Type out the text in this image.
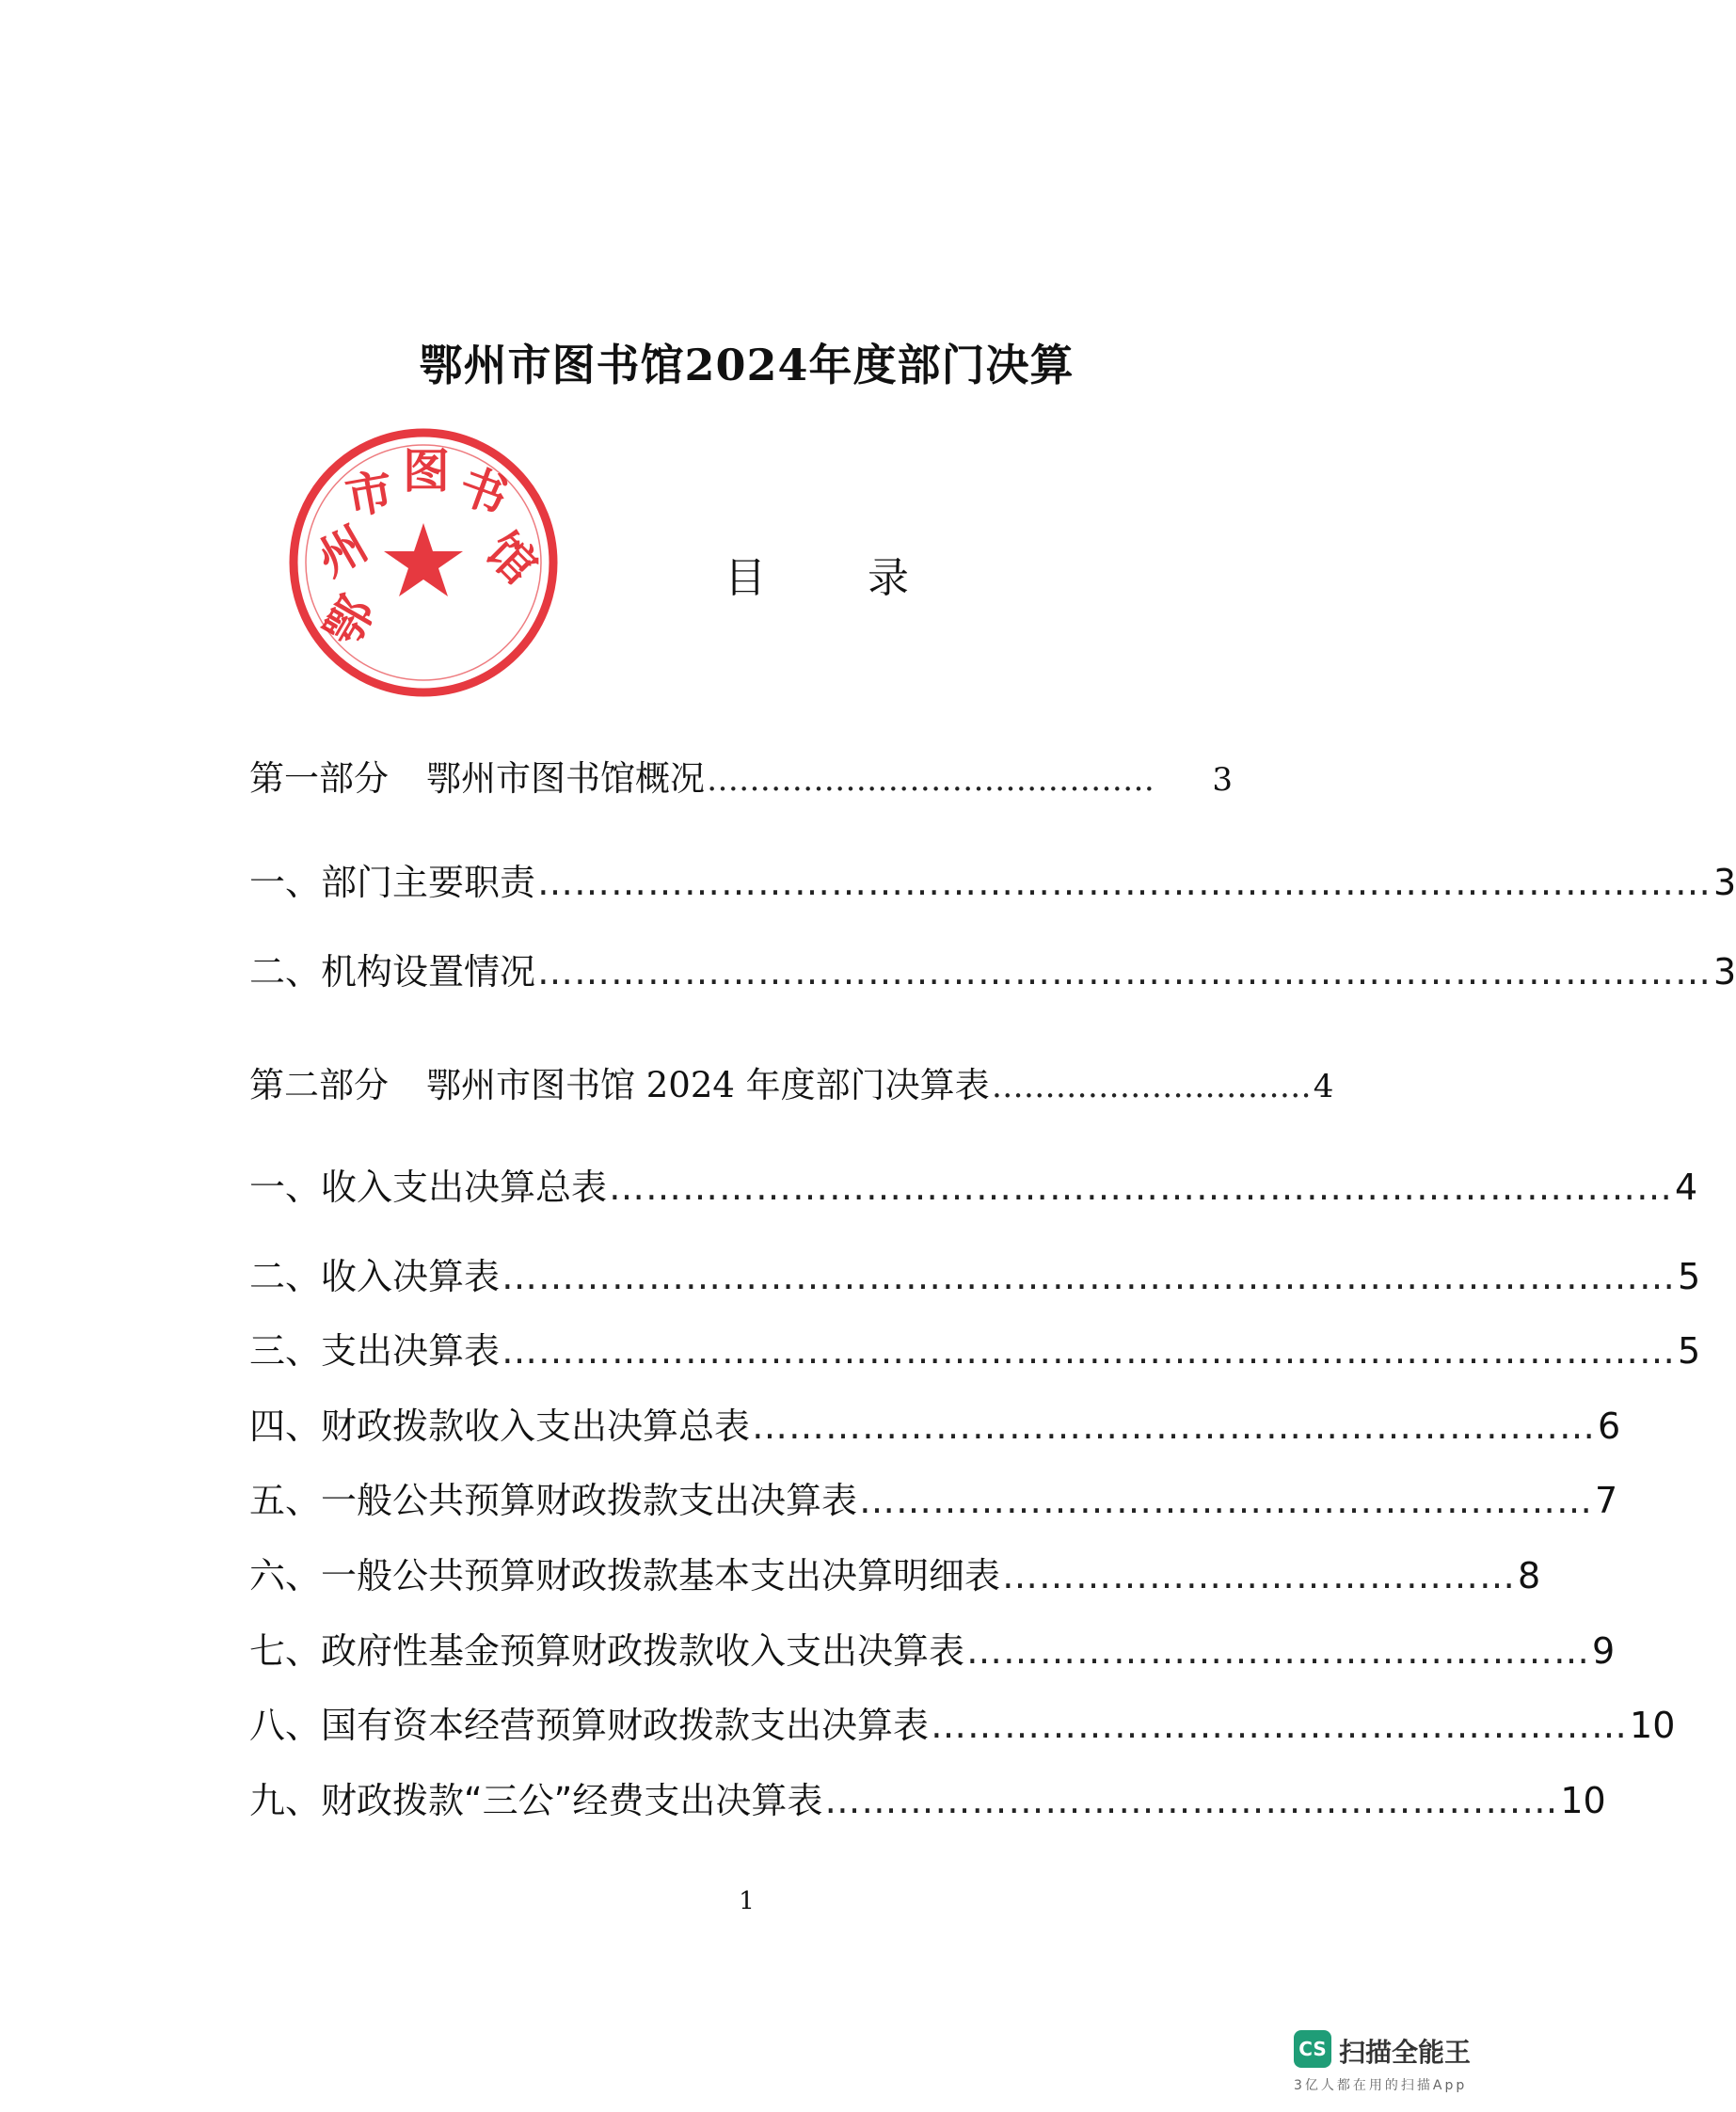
鄂州市图书馆2024年度部门决算
鄂
州
市 图 书
馆	目 录
第一部分 鄂州市图书馆概况 ……………………………………	3
一、部门主要职责 …………………………………………………………………………………… 3
二、机构设置情况 …………………………………………………………………………………… 3
第二部分 鄂州市图书馆 2024 年度部门决算表 ………………………… 4
一、收入支出决算总表 …………………………………………………………………………… 4
二、收入决算表 …………………………………………………………………………………… 5
三、支出决算表 …………………………………………………………………………………… 5
四、财政拨款收入支出决算总表 …………………………………………………………… 6
五、一般公共预算财政拨款支出决算表 …………………………………………………… 7
六、一般公共预算财政拨款基本支出决算明细表 …………………………………… 8
七、政府性基金预算财政拨款收入支出决算表 …………………………………………… 9
八、国有资本经营预算财政拨款支出决算表 ………………………………………………… 10
九、财政拨款“三公”经费支出决算表 …………………………………………………… 10
1
CS 扫描全能王
3亿人都在用的扫描App
